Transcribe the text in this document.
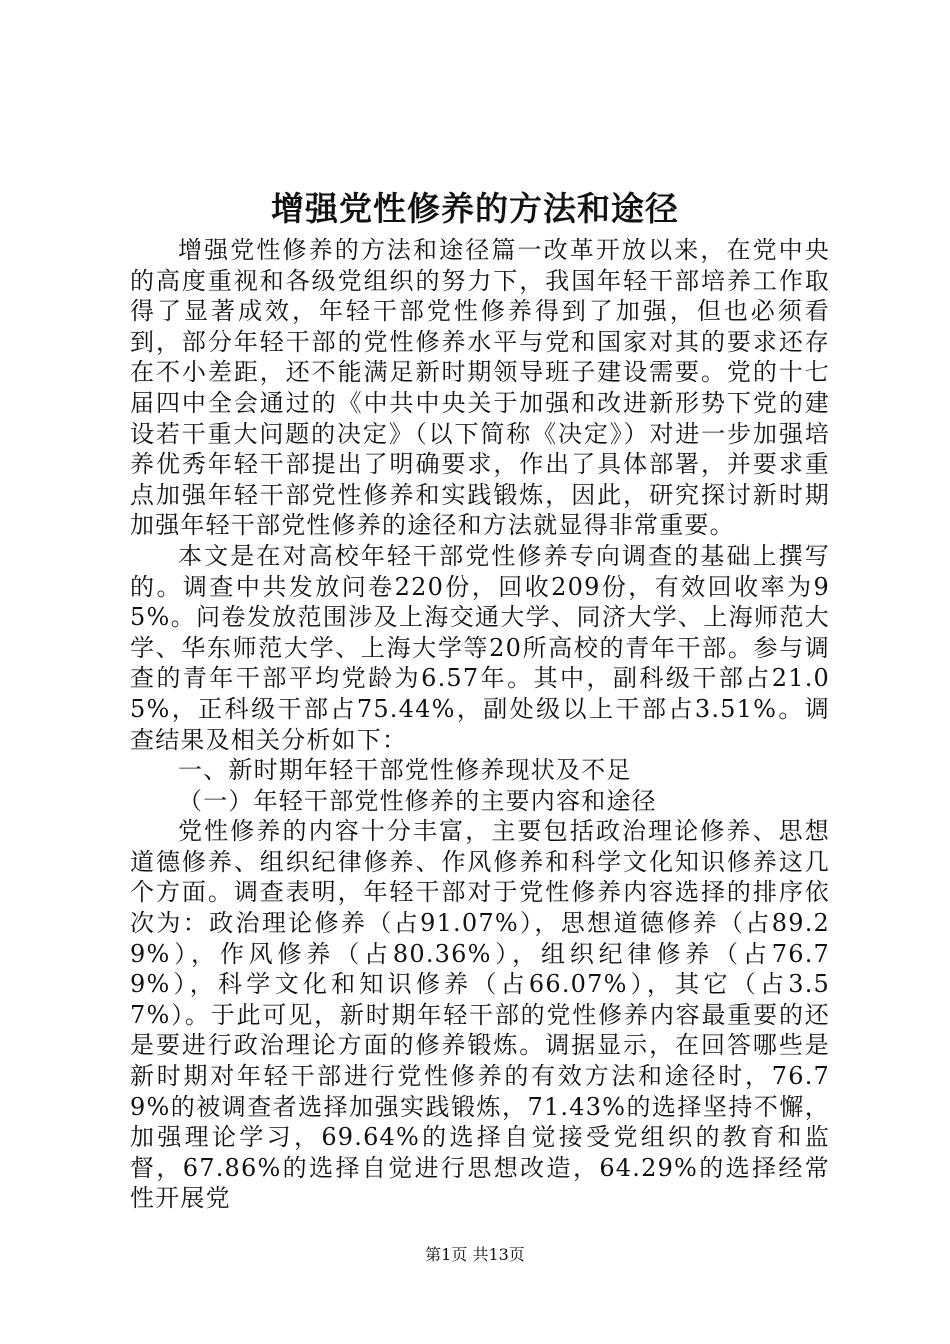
增强党性修养的方法和途径

增强党性修养的方法和途径篇一改革开放以来，在党中央的高度重视和各级党组织的努力下，我国年轻干部培养工作取得了显著成效，年轻干部党性修养得到了加强，但也必须看到，部分年轻干部的党性修养水平与党和国家对其的要求还存在不小差距，还不能满足新时期领导班子建设需要。党的十七届四中全会通过的《中共中央关于加强和改进新形势下党的建设若干重大问题的决定》（以下简称《决定》）对进一步加强培养优秀年轻干部提出了明确要求，作出了具体部署，并要求重点加强年轻干部党性修养和实践锻炼，因此，研究探讨新时期加强年轻干部党性修养的途径和方法就显得非常重要。

本文是在对高校年轻干部党性修养专向调查的基础上撰写的。调查中共发放问卷220份，回收209份，有效回收率为95%。问卷发放范围涉及上海交通大学、同济大学、上海师范大学、华东师范大学、上海大学等20所高校的青年干部。参与调查的青年干部平均党龄为6.57年。其中，副科级干部占21.05%，正科级干部占75.44%，副处级以上干部占3.51%。调查结果及相关分析如下：

一、新时期年轻干部党性修养现状及不足

（一）年轻干部党性修养的主要内容和途径

党性修养的内容十分丰富，主要包括政治理论修养、思想道德修养、组织纪律修养、作风修养和科学文化知识修养这几个方面。调查表明，年轻干部对于党性修养内容选择的排序依次为：政治理论修养（占91.07%），思想道德修养（占89.29%），作风修养（占80.36%），组织纪律修养（占76.79%），科学文化和知识修养（占66.07%），其它（占3.57%）。于此可见，新时期年轻干部的党性修养内容最重要的还是要进行政治理论方面的修养锻炼。调据显示，在回答哪些是新时期对年轻干部进行党性修养的有效方法和途径时，76.79%的被调查者选择加强实践锻炼，71.43%的选择坚持不懈，加强理论学习，69.64%的选择自觉接受党组织的教育和监督，67.86%的选择自觉进行思想改造，64.29%的选择经常性开展党

第1页 共13页
